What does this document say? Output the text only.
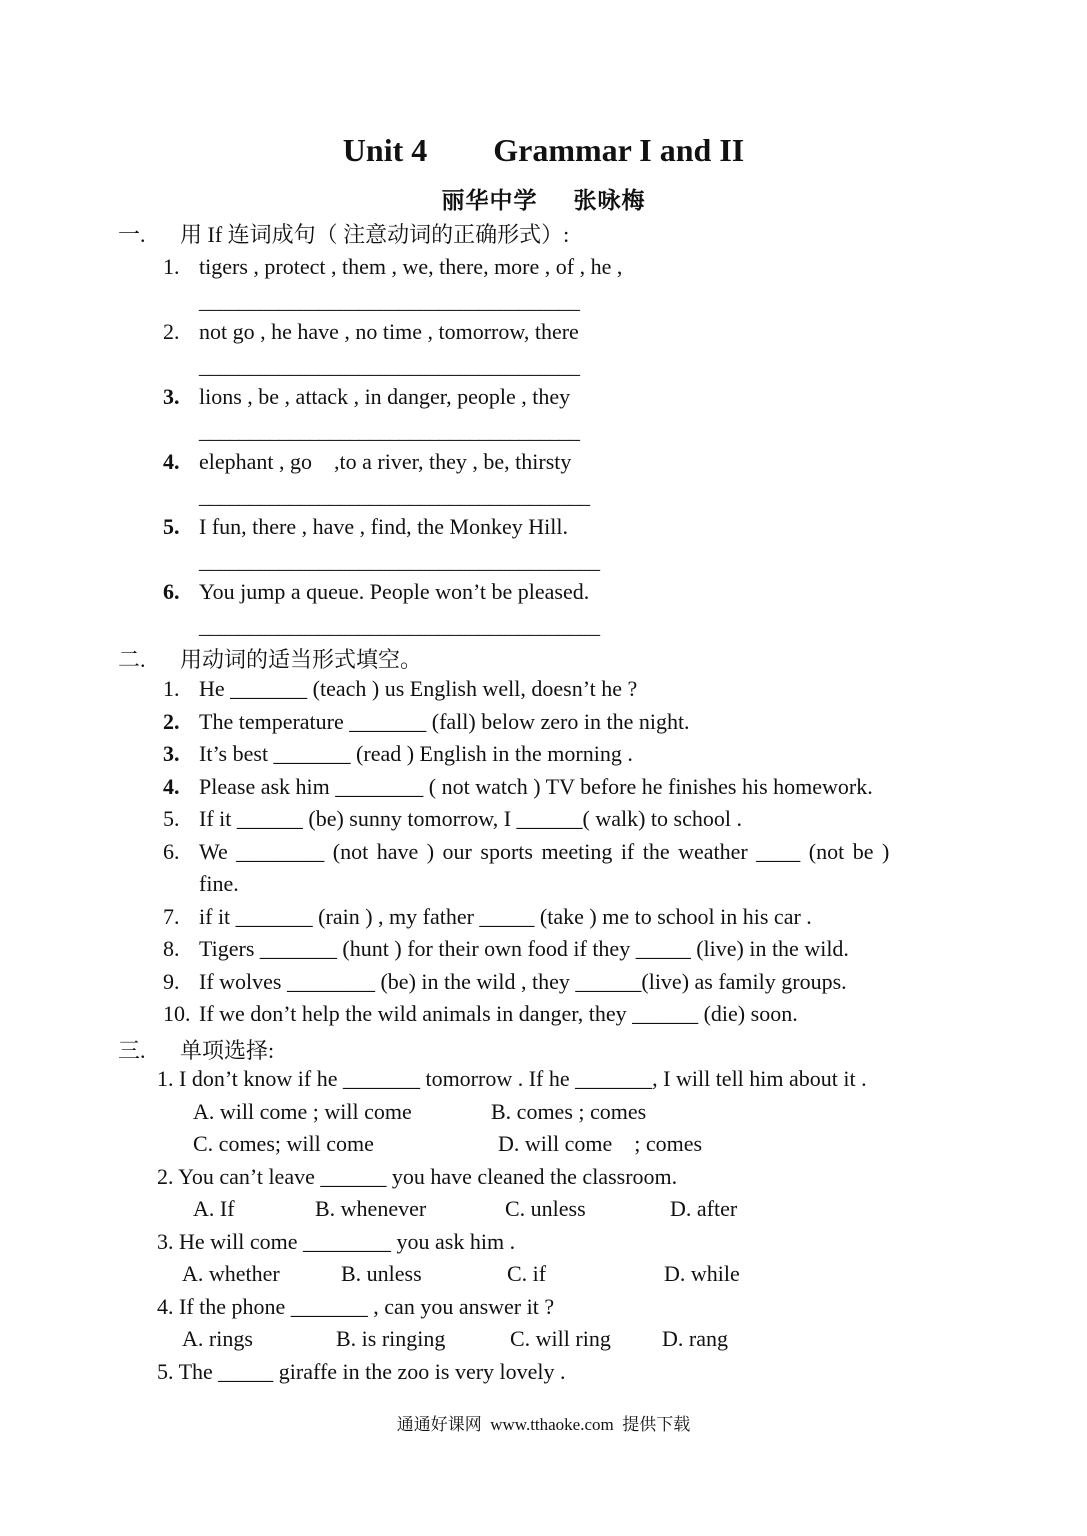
Unit 4 Grammar I and II
丽华中学 张咏梅
一. 用 If 连词成句（ 注意动词的正确形式）:
1. tigers , protect , them , we, there, more , of , he ,
______________________________________
2. not go , he have , no time , tomorrow, there
______________________________________
3. lions , be , attack , in danger, people , they
______________________________________
4. elephant , go    ,to a river, they , be, thirsty
_______________________________________
5. I fun, there , have , find, the Monkey Hill.
________________________________________
6. You jump a queue. People won’t be pleased.
________________________________________
二. 用动词的适当形式填空。
1. He _______ (teach ) us English well, doesn’t he ?
2. The temperature _______ (fall) below zero in the night.
3. It’s best _______ (read ) English in the morning .
4. Please ask him ________ ( not watch ) TV before he finishes his homework.
5. If it ______ (be) sunny tomorrow, I ______( walk) to school .
6. We ________ (not have ) our sports meeting if the weather ____ (not be )
fine.
7. if it _______ (rain ) , my father _____ (take ) me to school in his car .
8. Tigers _______ (hunt ) for their own food if they _____ (live) in the wild.
9. If wolves ________ (be) in the wild , they ______(live) as family groups.
10. If we don’t help the wild animals in danger, they ______ (die) soon.
三. 单项选择:
1. I don’t know if he _______ tomorrow . If he _______, I will tell him about it .
A. will come ; will come	B. comes ; comes
C. comes; will come	D. will come    ; comes
2. You can’t leave ______ you have cleaned the classroom.
A. If	B. whenever	C. unless	D. after
3. He will come ________ you ask him .
A. whether	B. unless	C. if	D. while
4. If the phone _______ , can you answer it ?
A. rings	B. is ringing	C. will ring D. rang
5. The _____ giraffe in the zoo is very lovely .
通通好课网  www.tthaoke.com  提供下载
